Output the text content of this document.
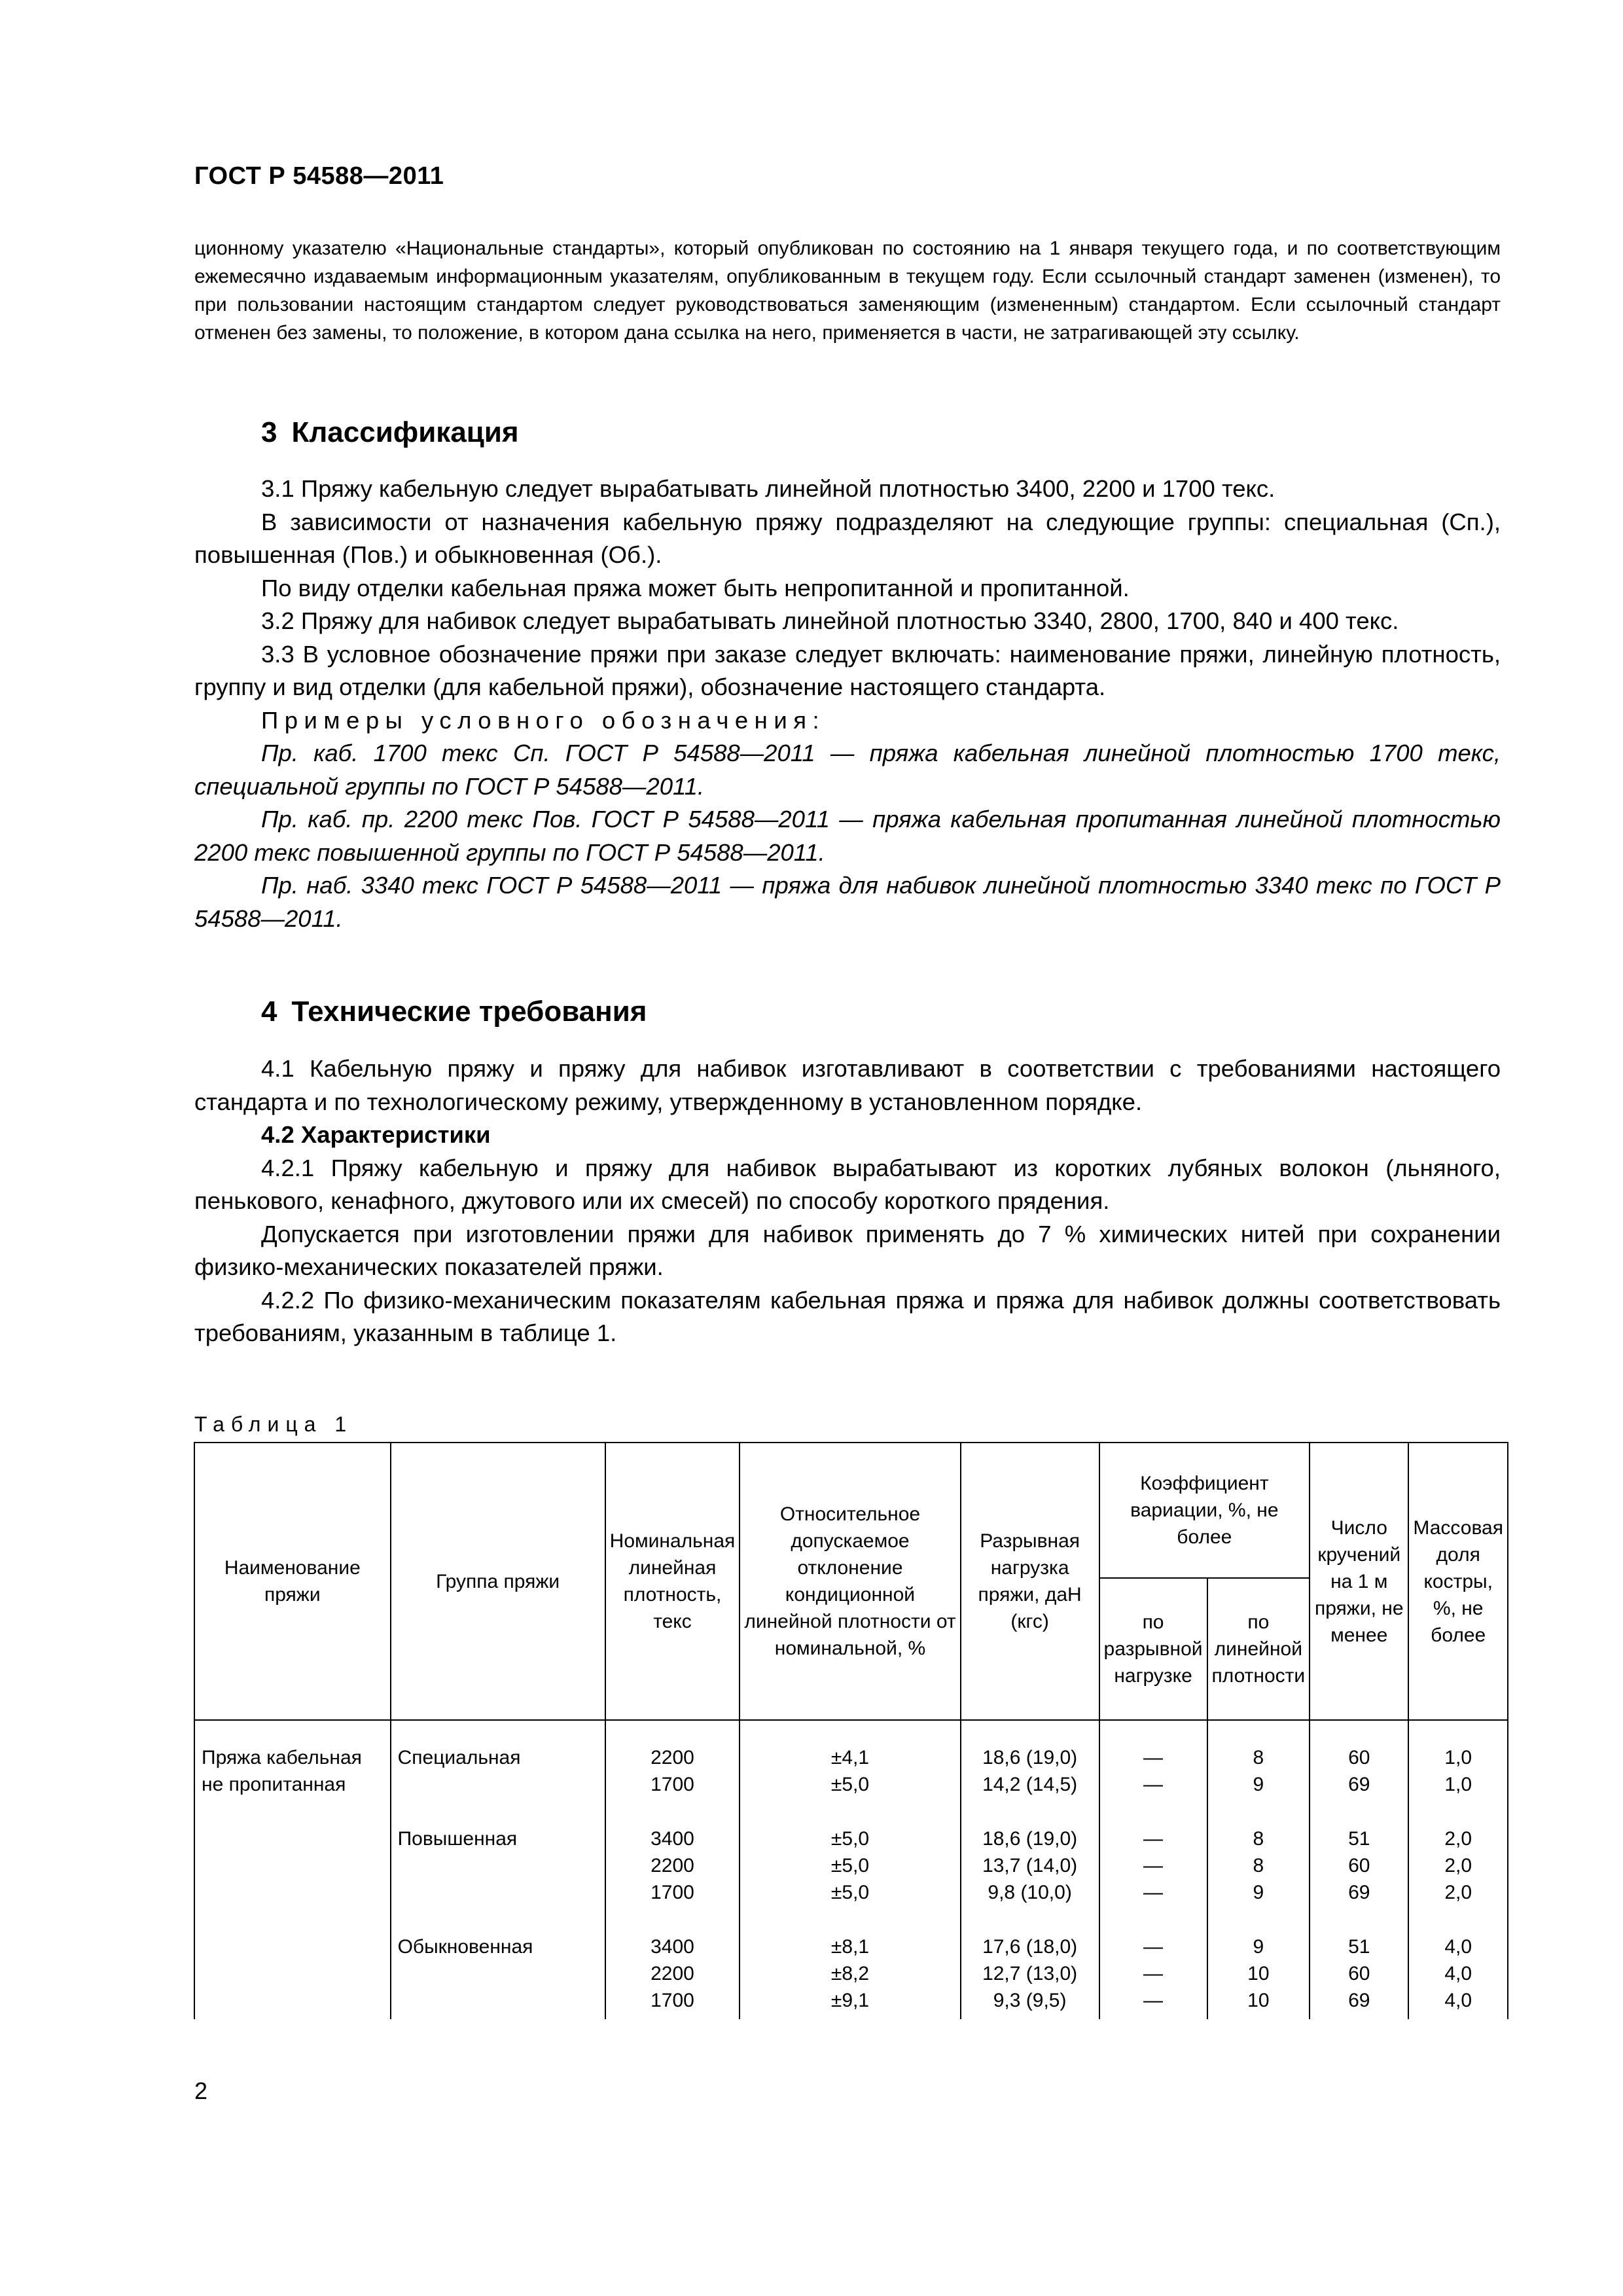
ГОСТ Р 54588—2011

ционному указателю «Национальные стандарты», который опубликован по состоянию на 1 января текущего года, и по соответствующим ежемесячно издаваемым информационным указателям, опубликованным в текущем году. Если ссылочный стандарт заменен (изменен), то при пользовании настоящим стандартом следует руководствоваться заменяющим (измененным) стандартом. Если ссылочный стандарт отменен без замены, то положение, в котором дана ссылка на него, применяется в части, не затрагивающей эту ссылку.

3 Классификация

3.1 Пряжу кабельную следует вырабатывать линейной плотностью 3400, 2200 и 1700 текс.

В зависимости от назначения кабельную пряжу подразделяют на следующие группы: специальная (Сп.), повышенная (Пов.) и обыкновенная (Об.).

По виду отделки кабельная пряжа может быть непропитанной и пропитанной.

3.2 Пряжу для набивок следует вырабатывать линейной плотностью 3340, 2800, 1700, 840 и 400 текс.

3.3 В условное обозначение пряжи при заказе следует включать: наименование пряжи, линейную плотность, группу и вид отделки (для кабельной пряжи), обозначение настоящего стандарта.

Примеры условного обозначения:

Пр. каб. 1700 текс Сп. ГОСТ Р 54588—2011 — пряжа кабельная линейной плотностью 1700 текс, специальной группы по ГОСТ Р 54588—2011.

Пр. каб. пр. 2200 текс Пов. ГОСТ Р 54588—2011 — пряжа кабельная пропитанная линейной плотностью 2200 текс повышенной группы по ГОСТ Р 54588—2011.

Пр. наб. 3340 текс ГОСТ Р 54588—2011 — пряжа для набивок линейной плотностью 3340 текс по ГОСТ Р 54588—2011.

4 Технические требования

4.1 Кабельную пряжу и пряжу для набивок изготавливают в соответствии с требованиями настоящего стандарта и по технологическому режиму, утвержденному в установленном порядке.

4.2 Характеристики

4.2.1 Пряжу кабельную и пряжу для набивок вырабатывают из коротких лубяных волокон (льняного, пенькового, кенафного, джутового или их смесей) по способу короткого прядения.

Допускается при изготовлении пряжи для набивок применять до 7 % химических нитей при сохранении физико-механических показателей пряжи.

4.2.2 По физико-механическим показателям кабельная пряжа и пряжа для набивок должны соответствовать требованиям, указанным в таблице 1.

Таблица 1
Наименование пряжи	Группа пряжи	Номинальная линейная плотность, текс	Относительное допускаемое отклонение кондиционной линейной плотности от номинальной, %	Разрывная нагрузка пряжи, даН (кгс)	Коэффициент вариации, %, не более		Число кручений на 1 м пряжи, не менее	Массовая доля костры, %, не более
					по разрывной нагрузке	по линейной плотности		
Пряжа кабельная не пропитанная	Специальная	2200	±4,1	18,6 (19,0)	—	8	60	1,0
		1700	±5,0	14,2 (14,5)	—	9	69	1,0
	Повышенная	3400	±5,0	18,6 (19,0)	—	8	51	2,0
		2200	±5,0	13,7 (14,0)	—	8	60	2,0
		1700	±5,0	9,8 (10,0)	—	9	69	2,0
	Обыкновенная	3400	±8,1	17,6 (18,0)	—	9	51	4,0
		2200	±8,2	12,7 (13,0)	—	10	60	4,0
		1700	±9,1	9,3 (9,5)	—	10	69	4,0
2
